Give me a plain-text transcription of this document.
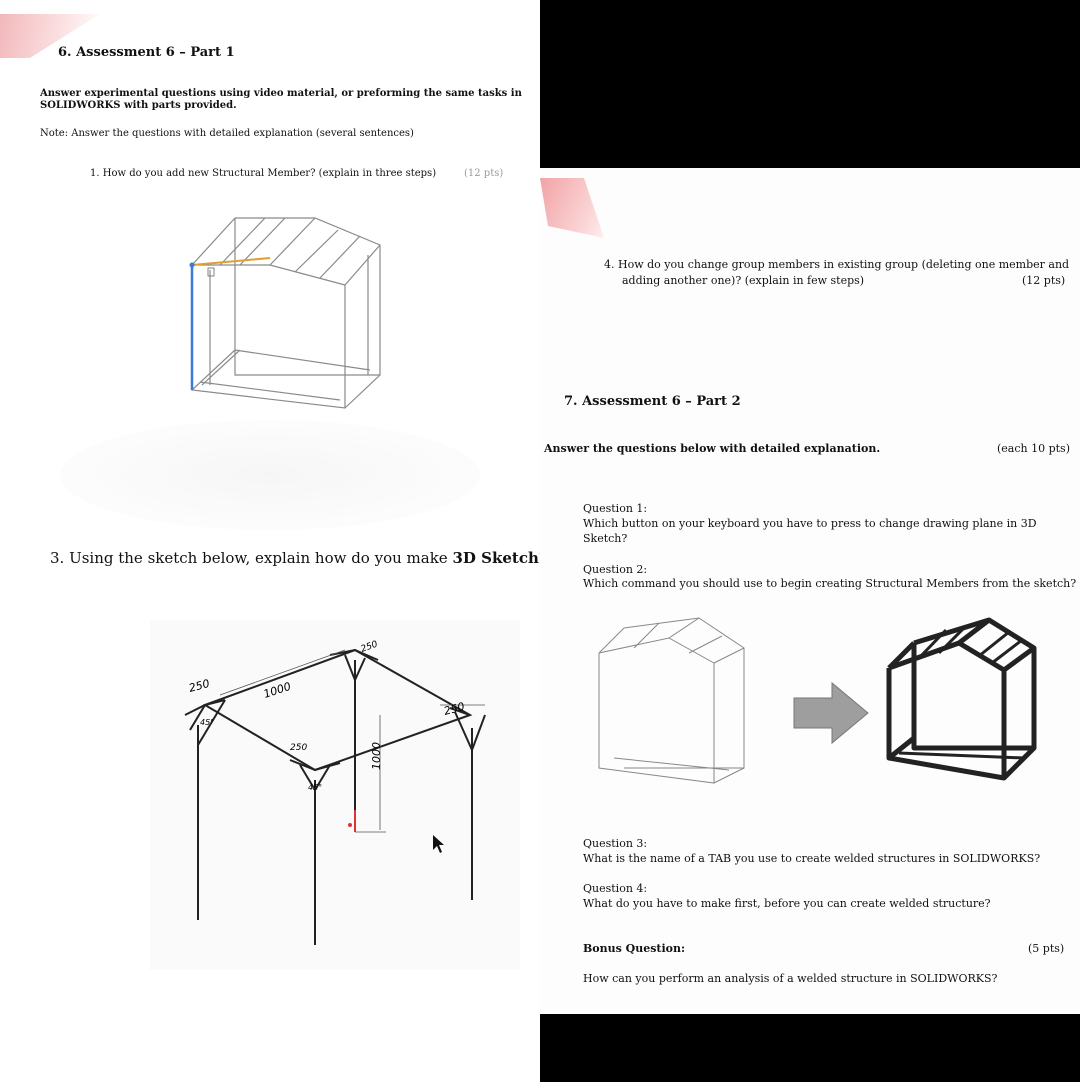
6. Assessment 6 – Part 1
Answer experimental questions using video material, or preforming the same tasks in
SOLIDWORKS with parts provided.
Note: Answer the questions with detailed explanation (several sentences)
1. How do you add new Structural Member? (explain in three steps)	(12 pts)
3. Using the sketch below, explain how do you make 3D Sketch
250	1000
250
250
250	1000
45°
45°
4. How do you change group members in existing group (deleting one member and
adding another one)? (explain in few steps)	(12 pts)
7. Assessment 6 – Part 2
Answer the questions below with detailed explanation.	(each 10 pts)
Question 1:
Which button on your keyboard you have to press to change drawing plane in 3D
Sketch?
Question 2:
Which command you should use to begin creating Structural Members from the sketch?
Question 3:
What is the name of a TAB you use to create welded structures in SOLIDWORKS?
Question 4:
What do you have to make first, before you can create welded structure?
Bonus Question:	(5 pts)
How can you perform an analysis of a welded structure in SOLIDWORKS?
